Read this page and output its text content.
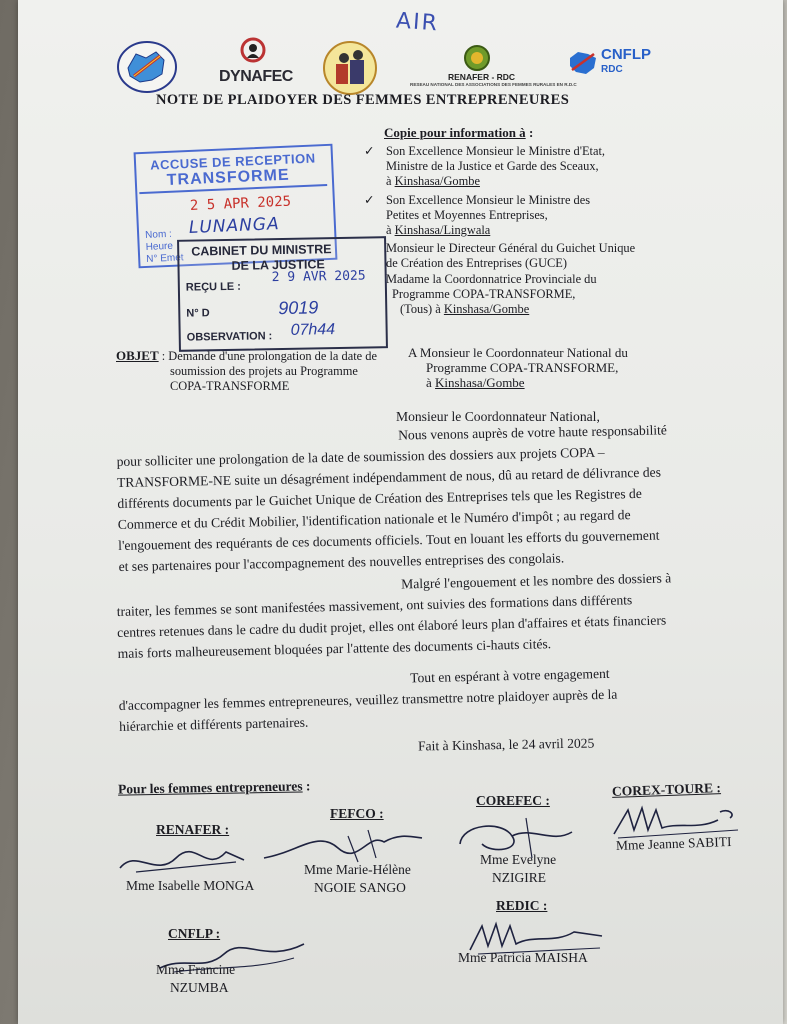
DYNAFEC	RENAFER - RDC
RESEAU NATIONAL DES ASSOCIATIONS DES FEMMES RURALES EN R.D.C
CNFLP
RDC
AIR
NOTE DE PLAIDOYER DES FEMMES ENTREPRENEURES
Copie pour information à :
✓ Son Excellence Monsieur le Ministre d'Etat,
Ministre de la Justice et Garde des Sceaux,
à Kinshasa/Gombe
✓ Son Excellence Monsieur le Ministre des
Petites et Moyennes Entreprises,
à Kinshasa/Lingwala
Monsieur le Directeur Général du Guichet Unique
de Création des Entreprises (GUCE)
Madame la Coordonnatrice Provinciale du
Programme COPA-TRANSFORME,
(Tous) à Kinshasa/Gombe
ACCUSE DE RECEPTION
TRANSFORME
2 5 APR 2025
Nom :
Heure
N° Emet
LUNANGA
CABINET DU MINISTRE
DE LA JUSTICE
REÇU LE :
2 9 AVR 2025
N° D	9019
OBSERVATION : 07h44
OBJET : Demande d'une prolongation de la date de
soumission des projets au Programme
COPA-TRANSFORME
A Monsieur le Coordonnateur National du
Programme COPA-TRANSFORME,
à Kinshasa/Gombe
Monsieur le Coordonnateur National,
Nous venons auprès de votre haute responsabilité
pour solliciter une prolongation de la date de soumission des dossiers aux projets COPA –
TRANSFORME-NE suite un désagrément indépendamment de nous, dû au retard de délivrance des
différents documents par le Guichet Unique de Création des Entreprises tels que les Registres de
Commerce et du Crédit Mobilier, l'identification nationale et le Numéro d'impôt ; au regard de
l'engouement des requérants de ces documents officiels. Tout en louant les efforts du gouvernement
et ses partenaires pour l'accompagnement des nouvelles entreprises des congolais.
Malgré l'engouement et les nombre des dossiers à
traiter, les femmes se sont manifestées massivement, ont suivies des formations dans différents
centres retenues dans le cadre du dudit projet, elles ont élaboré leurs plan d'affaires et états financiers
mais forts malheureusement bloquées par l'attente des documents ci-hauts cités.
Tout en espérant à votre engagement
d'accompagner les femmes entrepreneures, veuillez transmettre notre plaidoyer auprès de la
hiérarchie et différents partenaires.
Fait à Kinshasa, le 24 avril 2025
Pour les femmes entrepreneures :
RENAFER :
Mme Isabelle MONGA
FEFCO :
Mme Marie-Hélène
NGOIE SANGO
COREFEC :
Mme Evelyne
NZIGIRE
COREX-TOURE :
Mme Jeanne SABITI
CNFLP :
Mme Francine
NZUMBA
REDIC :
Mme Patricia MAISHA
